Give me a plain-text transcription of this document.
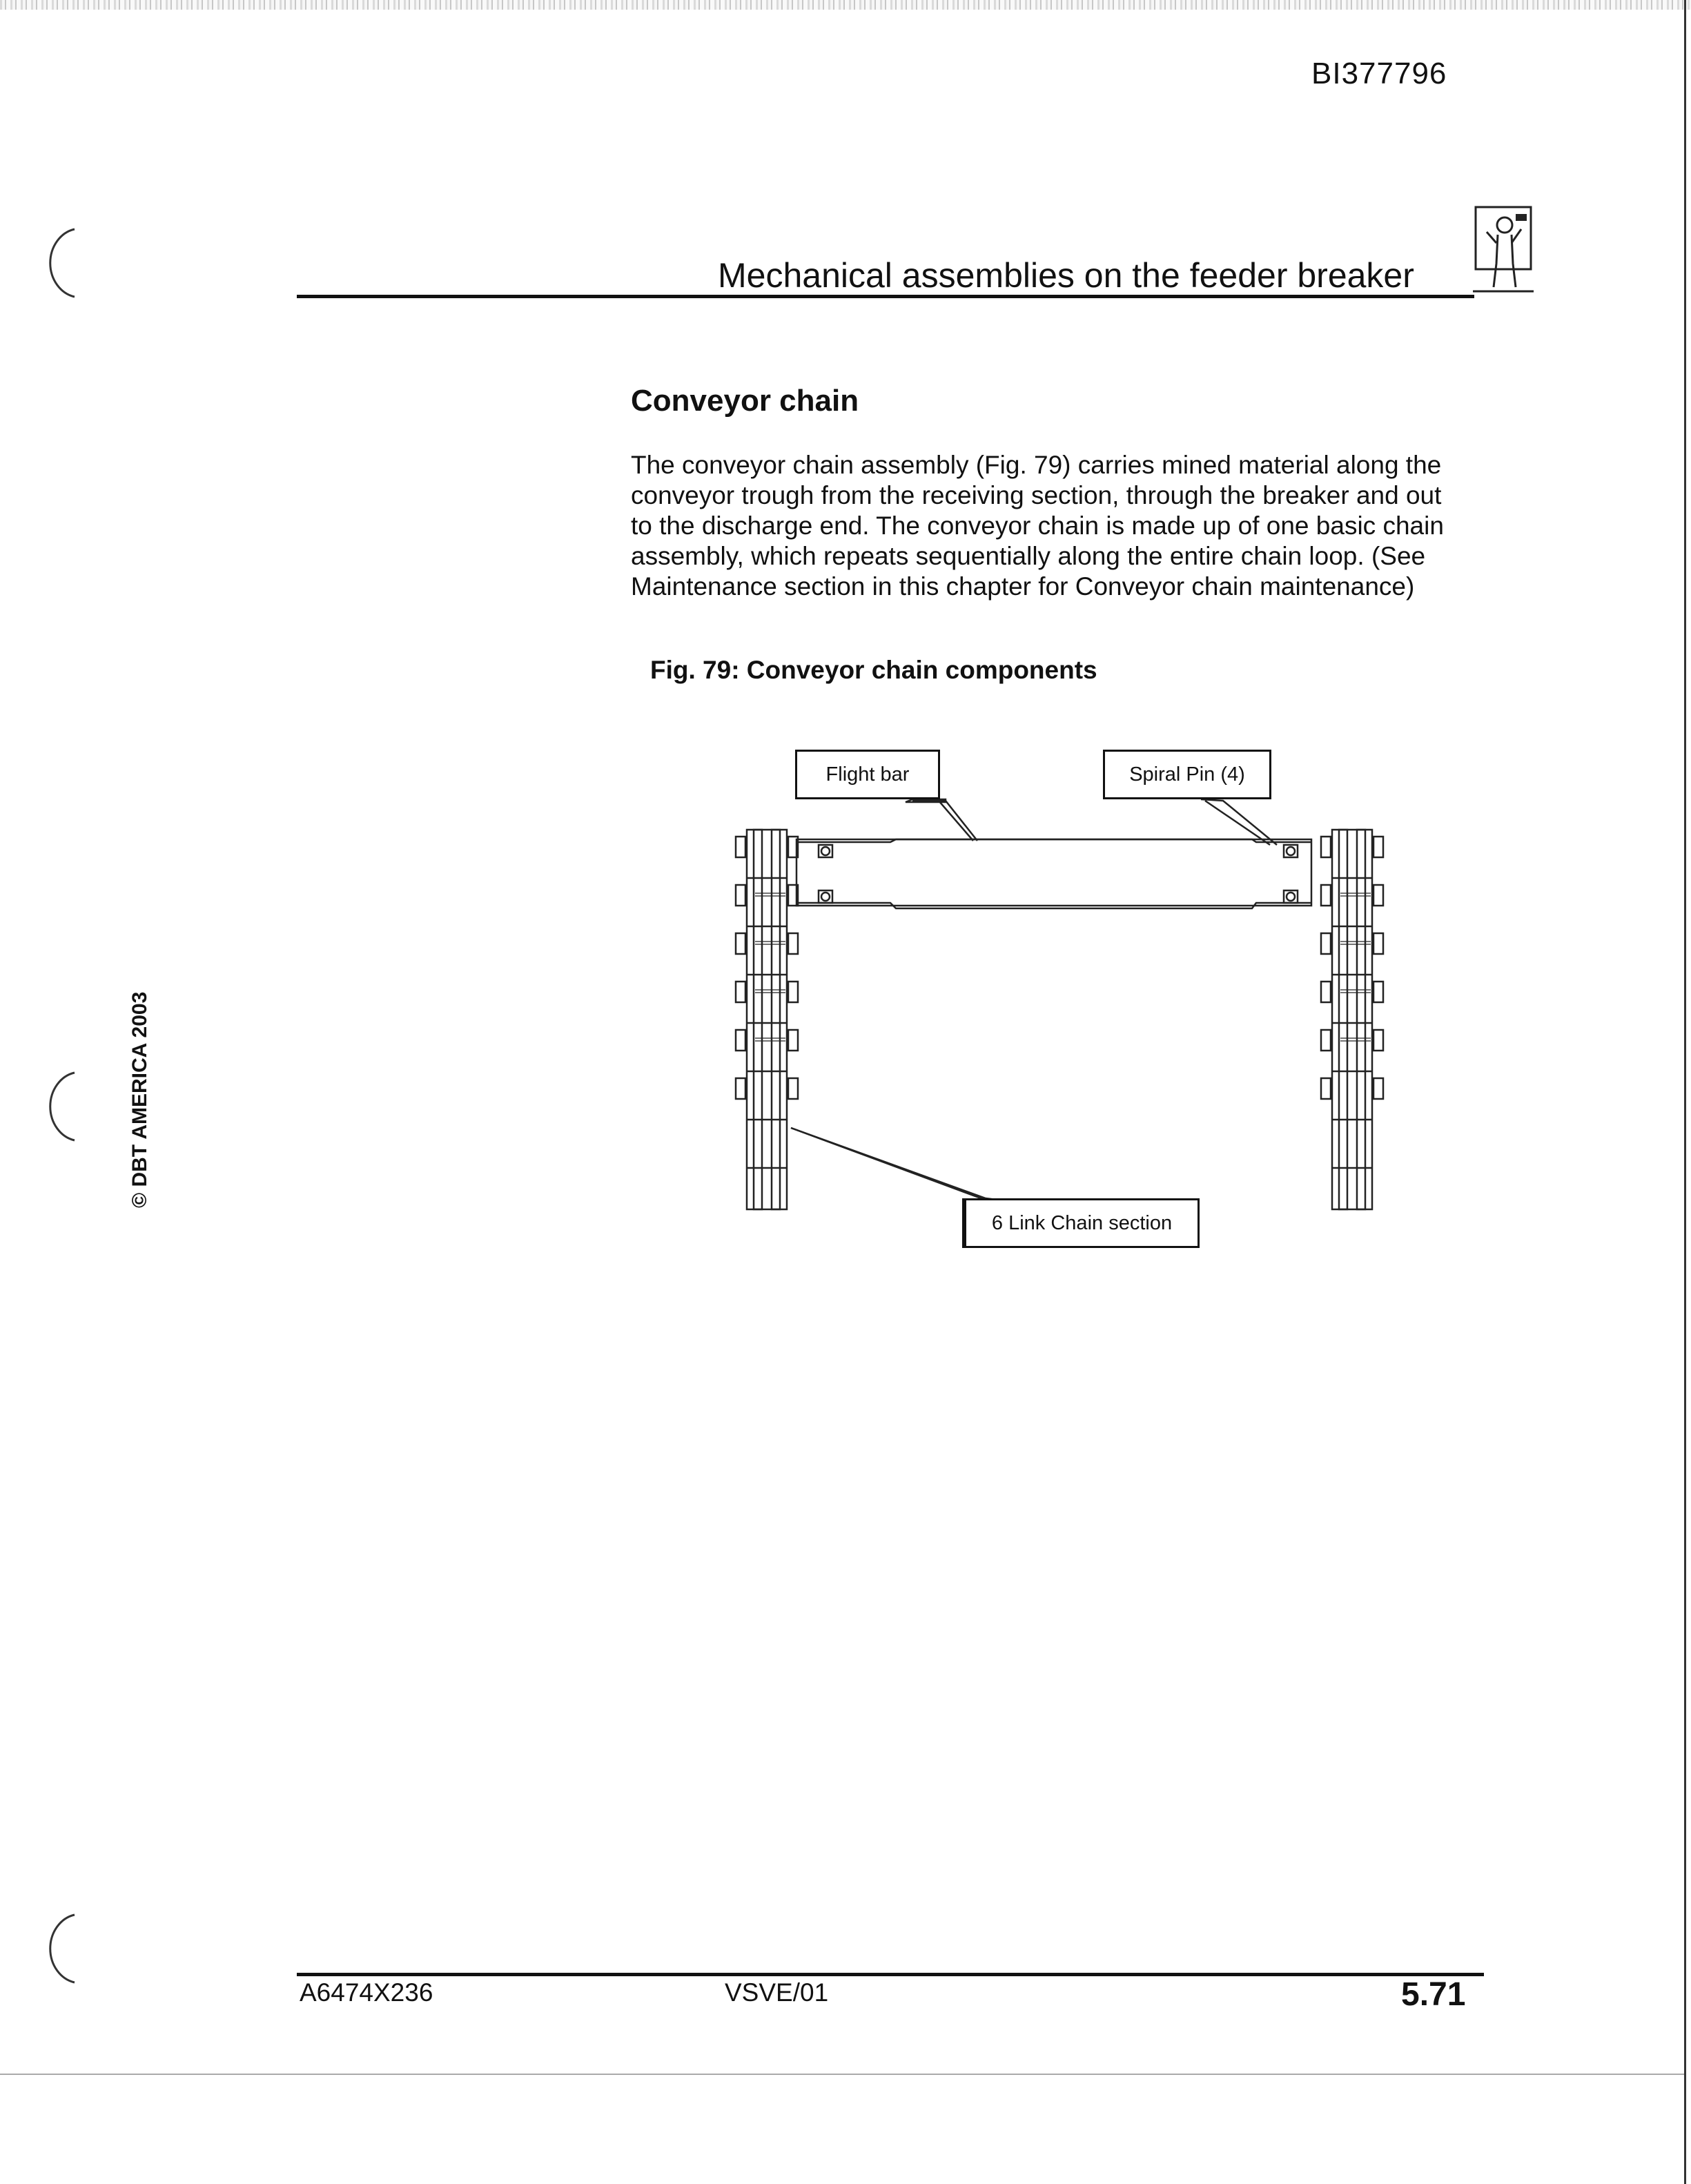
BI377796
Mechanical assemblies on the feeder breaker
Conveyor chain
The conveyor chain assembly (Fig. 79) carries mined material along the
conveyor trough from the receiving section, through the breaker and out
to the discharge end. The conveyor chain is made up of one basic chain
assembly, which repeats sequentially along the entire chain loop. (See
Maintenance section in this chapter for Conveyor chain maintenance)
Fig. 79: Conveyor chain components
Flight bar	Spiral Pin (4)
6 Link Chain section
© DBT AMERICA 2003
A6474X236	VSVE/01	5.71
